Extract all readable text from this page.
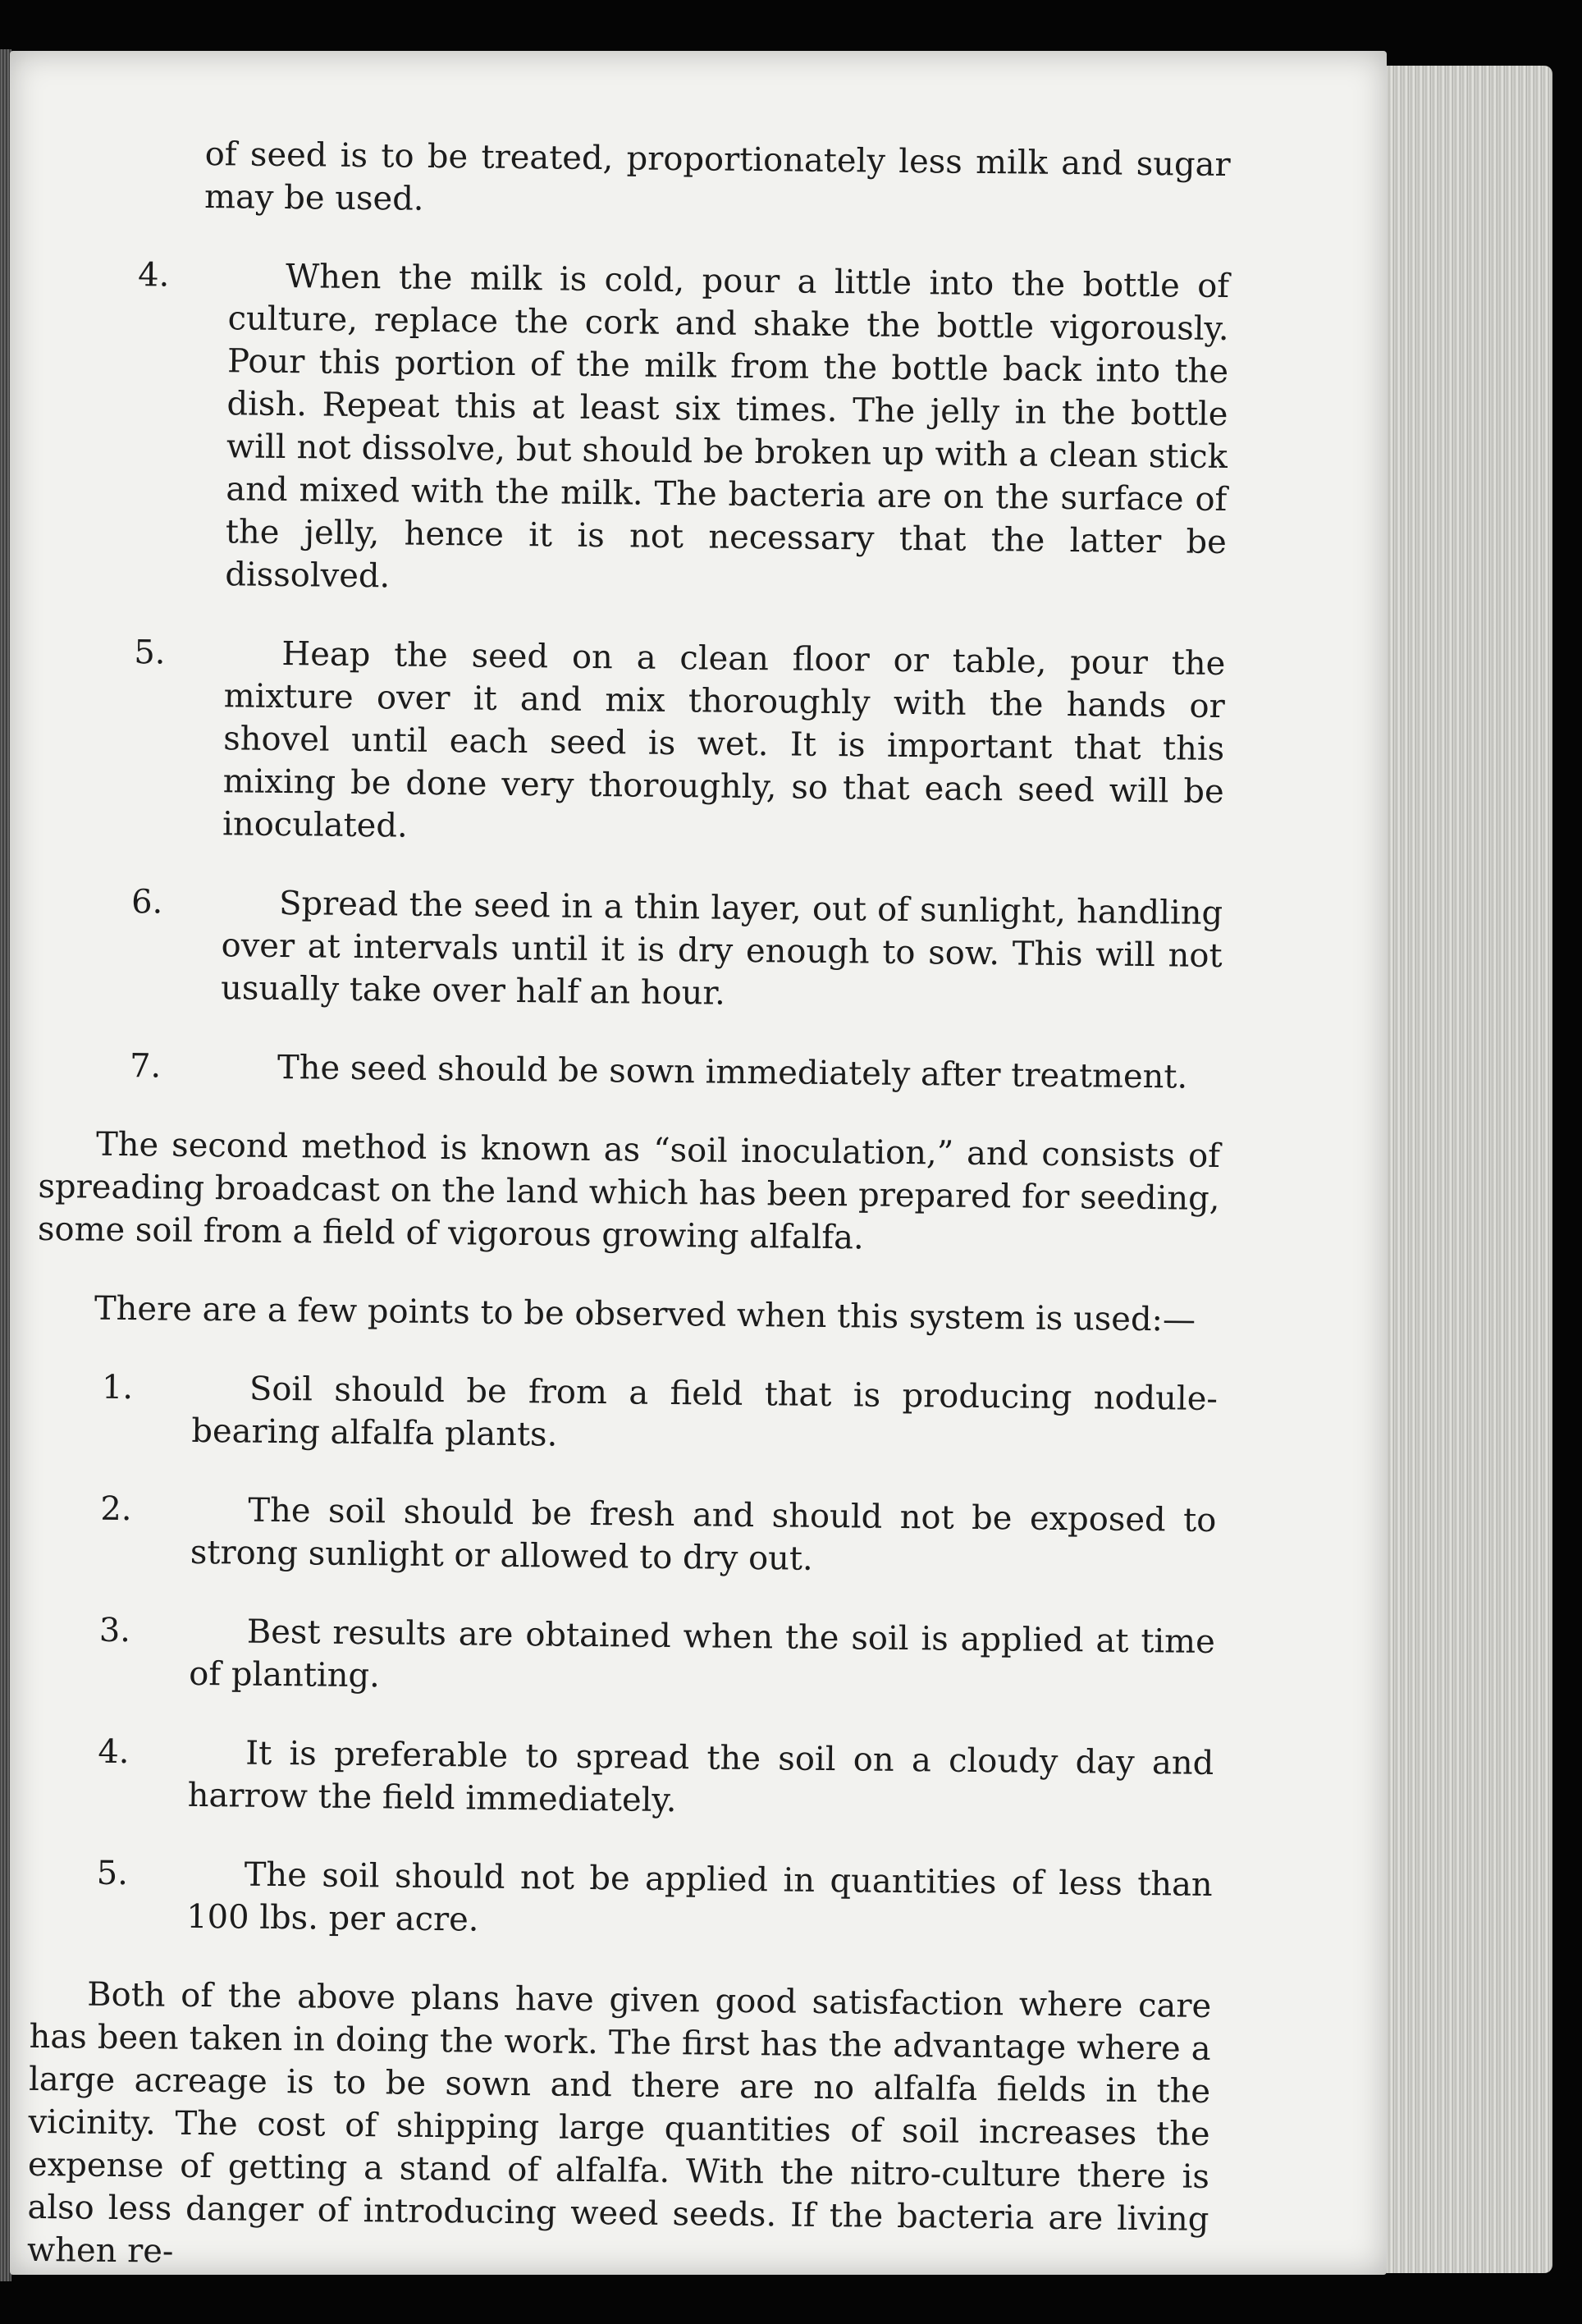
of seed is to be treated, proportionately less milk and sugar may be used.

4.	When the milk is cold, pour a little into the bottle of culture, replace the cork and shake the bottle vigorously. Pour this portion of the milk from the bottle back into the dish. Repeat this at least six times. The jelly in the bottle will not dissolve, but should be broken up with a clean stick and mixed with the milk. The bacteria are on the surface of the jelly, hence it is not necessary that the latter be dissolved.
5.	Heap the seed on a clean floor or table, pour the mixture over it and mix thoroughly with the hands or shovel until each seed is wet. It is important that this mixing be done very thoroughly, so that each seed will be inoculated.
6.	Spread the seed in a thin layer, out of sunlight, handling over at intervals until it is dry enough to sow. This will not usually take over half an hour.
7.	The seed should be sown immediately after treatment.

The second method is known as “soil inoculation,” and consists of spreading broadcast on the land which has been prepared for seeding, some soil from a field of vigorous growing alfalfa.

There are a few points to be observed when this system is used:—

1.	Soil should be from a field that is producing nodule-bearing alfalfa plants.
2.	The soil should be fresh and should not be exposed to strong sunlight or allowed to dry out.
3.	Best results are obtained when the soil is applied at time of planting.
4.	It is preferable to spread the soil on a cloudy day and harrow the field immediately.
5.	The soil should not be applied in quantities of less than 100 lbs. per acre.

Both of the above plans have given good satisfaction where care has been taken in doing the work. The first has the advantage where a large acreage is to be sown and there are no alfalfa fields in the vicinity. The cost of shipping large quantities of soil increases the expense of getting a stand of alfalfa. With the nitro-culture there is also less danger of introducing weed seeds. If the bacteria are living when re-
